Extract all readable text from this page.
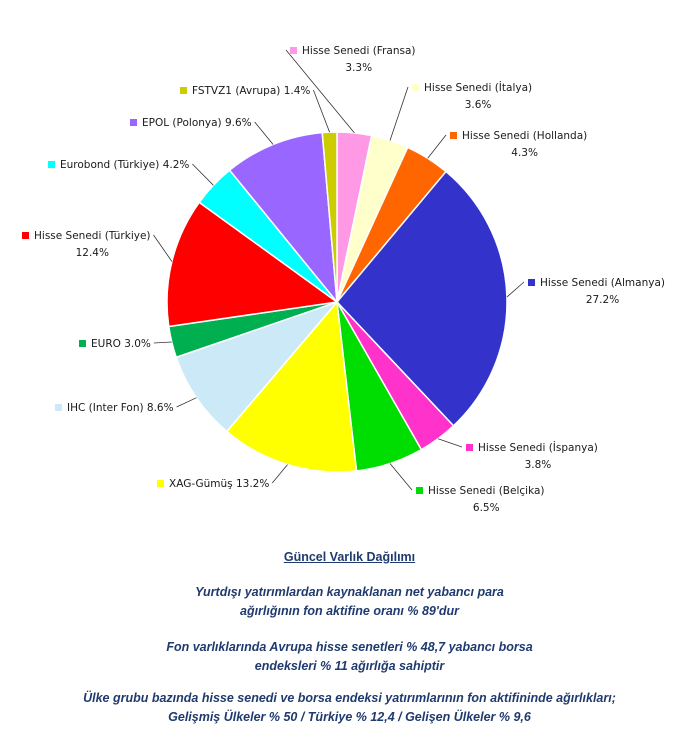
Hisse Senedi (Fransa)
3.3%
Hisse Senedi (İtalya)
3.6%
Hisse Senedi (Hollanda)
4.3%
Hisse Senedi (Almanya)
27.2%
Hisse Senedi (İspanya)
3.8%
Hisse Senedi (Belçika)
6.5%
XAG-Gümüş 13.2%
IHC (Inter Fon) 8.6%
EURO 3.0%
Hisse Senedi (Türkiye)
12.4%
Eurobond (Türkiye) 4.2%
EPOL (Polonya) 9.6%
FSTVZ1 (Avrupa) 1.4%
Güncel Varlık Dağılımı
Yurtdışı yatırımlardan kaynaklanan net yabancı para
ağırlığının fon aktifine oranı % 89'dur
Fon varlıklarında Avrupa hisse senetleri % 48,7 yabancı borsa
endeksleri % 11 ağırlığa sahiptir
Ülke grubu bazında hisse senedi ve borsa endeksi yatırımlarının fon aktifininde ağırlıkları;
Gelişmiş Ülkeler % 50 / Türkiye % 12,4 / Gelişen Ülkeler % 9,6
